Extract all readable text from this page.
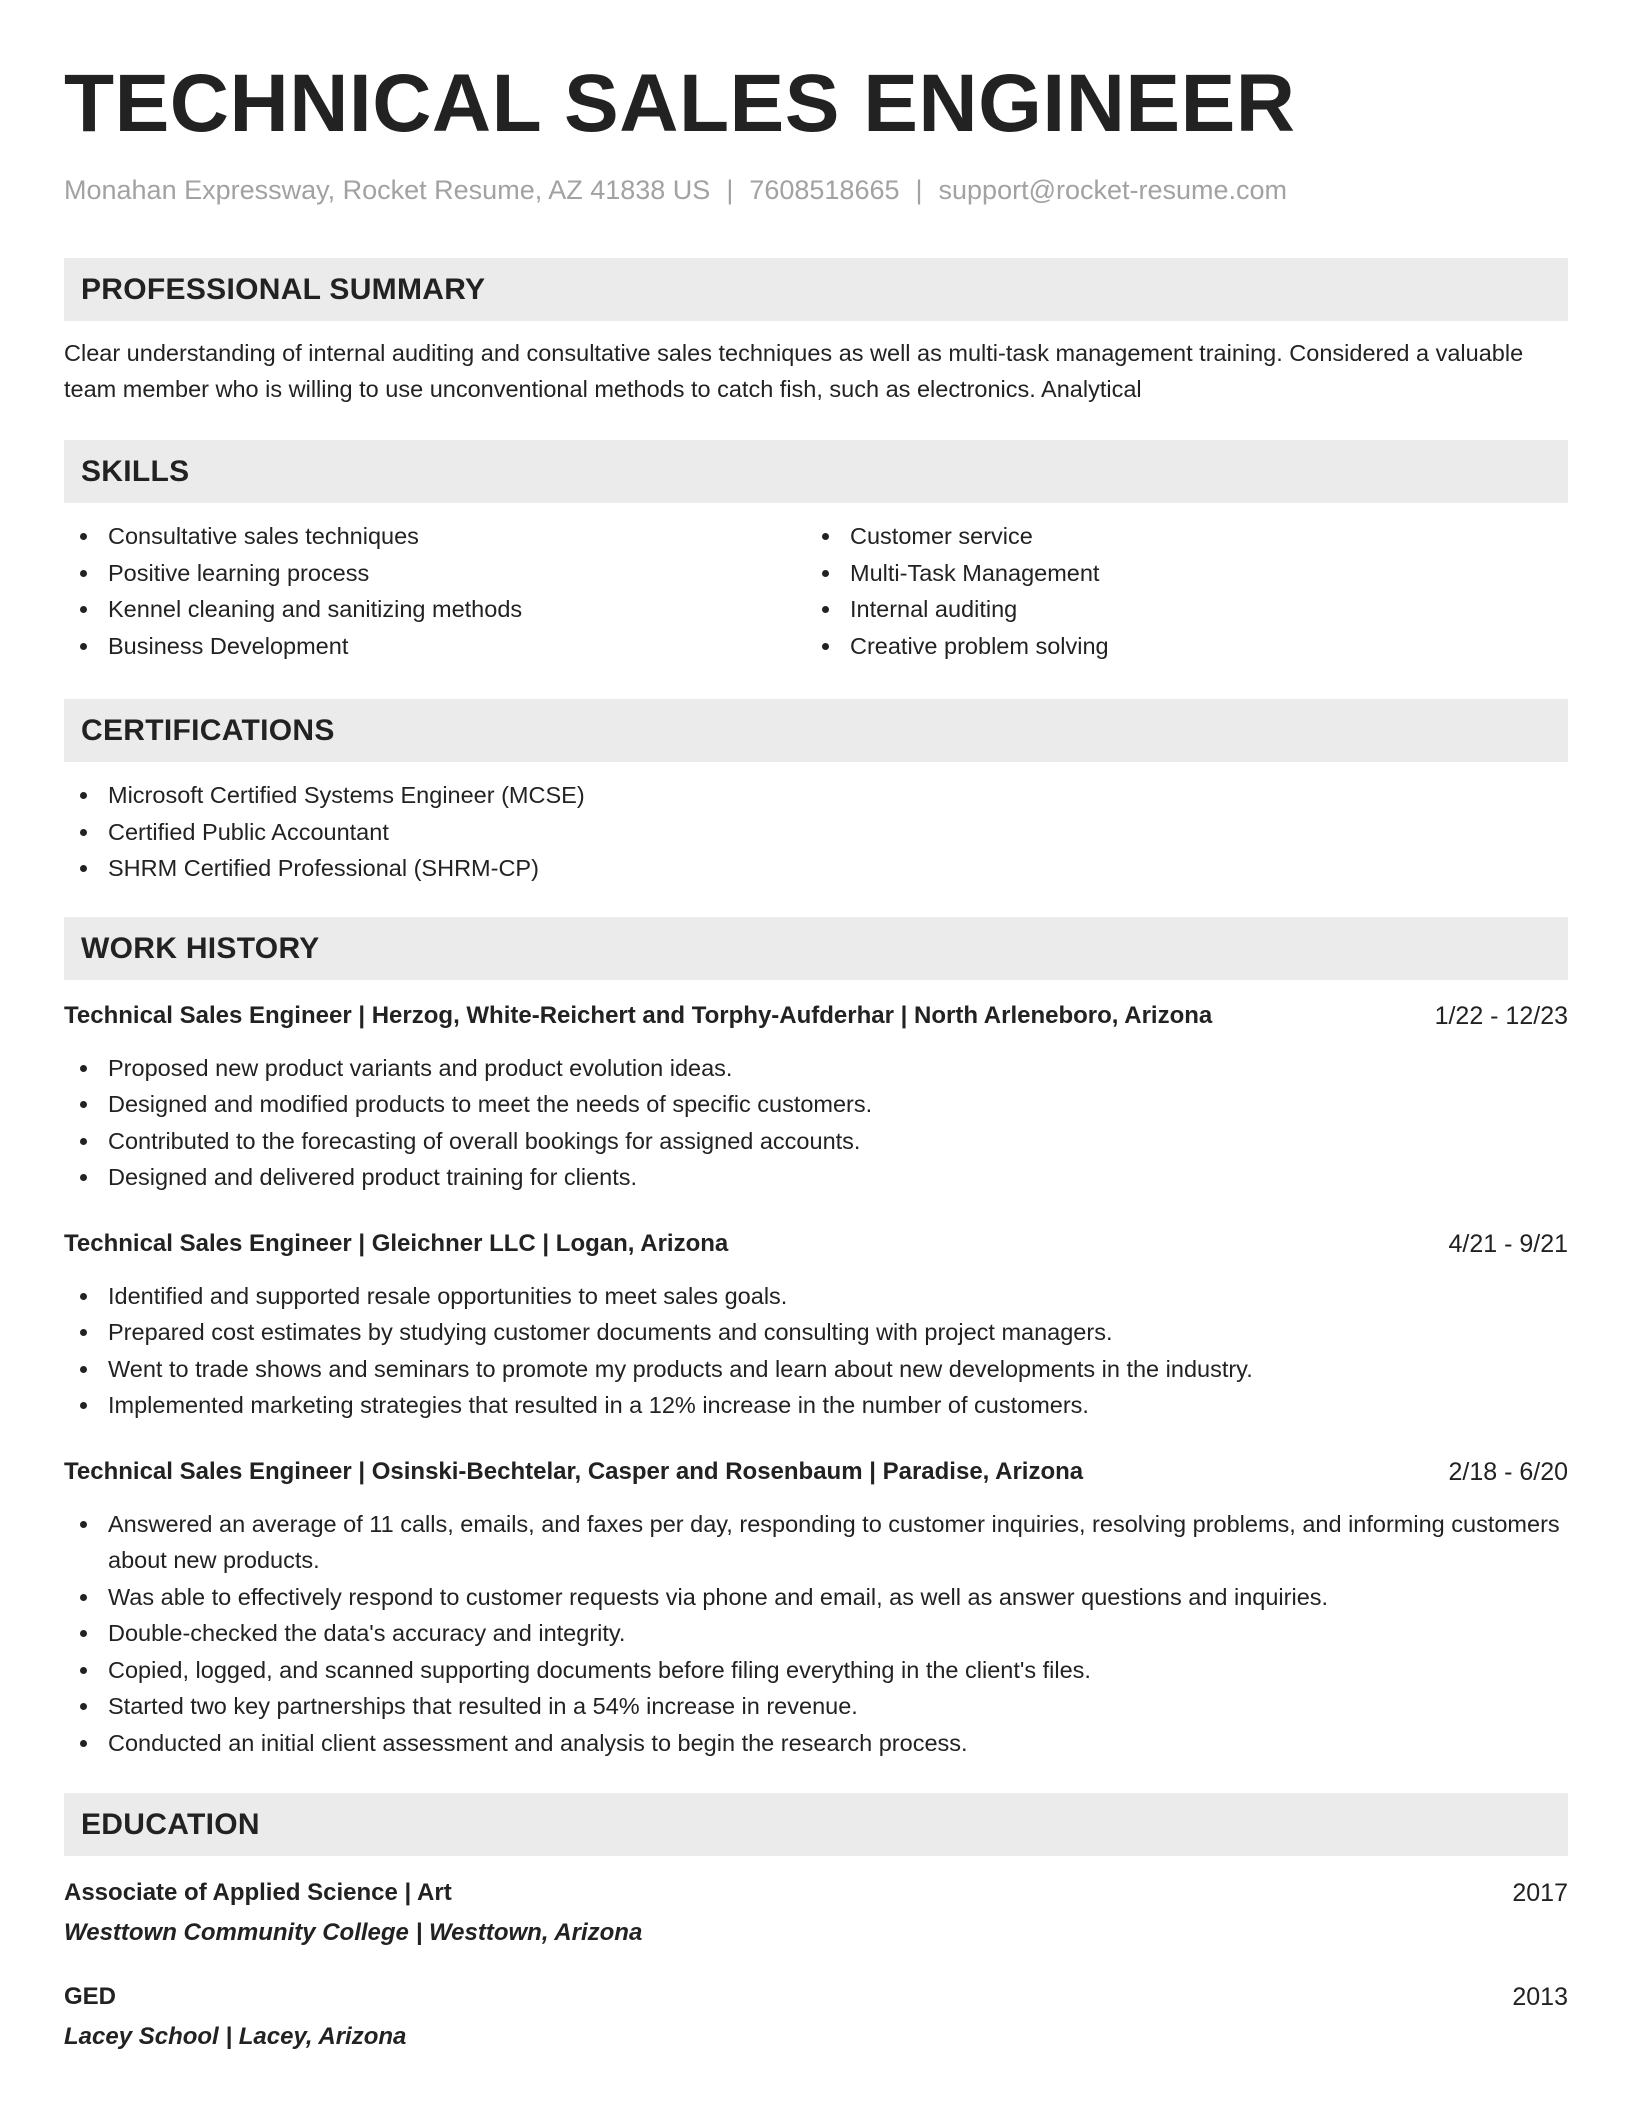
TECHNICAL SALES ENGINEER
Monahan Expressway, Rocket Resume, AZ 41838 US | 7608518665 | support@rocket-resume.com
PROFESSIONAL SUMMARY
Clear understanding of internal auditing and consultative sales techniques as well as multi-task management training. Considered a valuable team member who is willing to use unconventional methods to catch fish, such as electronics. Analytical
SKILLS
Consultative sales techniques
Positive learning process
Kennel cleaning and sanitizing methods
Business Development
Customer service
Multi-Task Management
Internal auditing
Creative problem solving
CERTIFICATIONS
Microsoft Certified Systems Engineer (MCSE)
Certified Public Accountant
SHRM Certified Professional (SHRM-CP)
WORK HISTORY
Technical Sales Engineer | Herzog, White-Reichert and Torphy-Aufderhar | North Arleneboro, Arizona	1/22 - 12/23
Proposed new product variants and product evolution ideas.
Designed and modified products to meet the needs of specific customers.
Contributed to the forecasting of overall bookings for assigned accounts.
Designed and delivered product training for clients.
Technical Sales Engineer | Gleichner LLC | Logan, Arizona	4/21 - 9/21
Identified and supported resale opportunities to meet sales goals.
Prepared cost estimates by studying customer documents and consulting with project managers.
Went to trade shows and seminars to promote my products and learn about new developments in the industry.
Implemented marketing strategies that resulted in a 12% increase in the number of customers.
Technical Sales Engineer | Osinski-Bechtelar, Casper and Rosenbaum | Paradise, Arizona	2/18 - 6/20
Answered an average of 11 calls, emails, and faxes per day, responding to customer inquiries, resolving problems, and informing customers about new products.
Was able to effectively respond to customer requests via phone and email, as well as answer questions and inquiries.
Double-checked the data's accuracy and integrity.
Copied, logged, and scanned supporting documents before filing everything in the client's files.
Started two key partnerships that resulted in a 54% increase in revenue.
Conducted an initial client assessment and analysis to begin the research process.
EDUCATION
Associate of Applied Science | Art	2017
Westtown Community College | Westtown, Arizona
GED	2013
Lacey School | Lacey, Arizona
